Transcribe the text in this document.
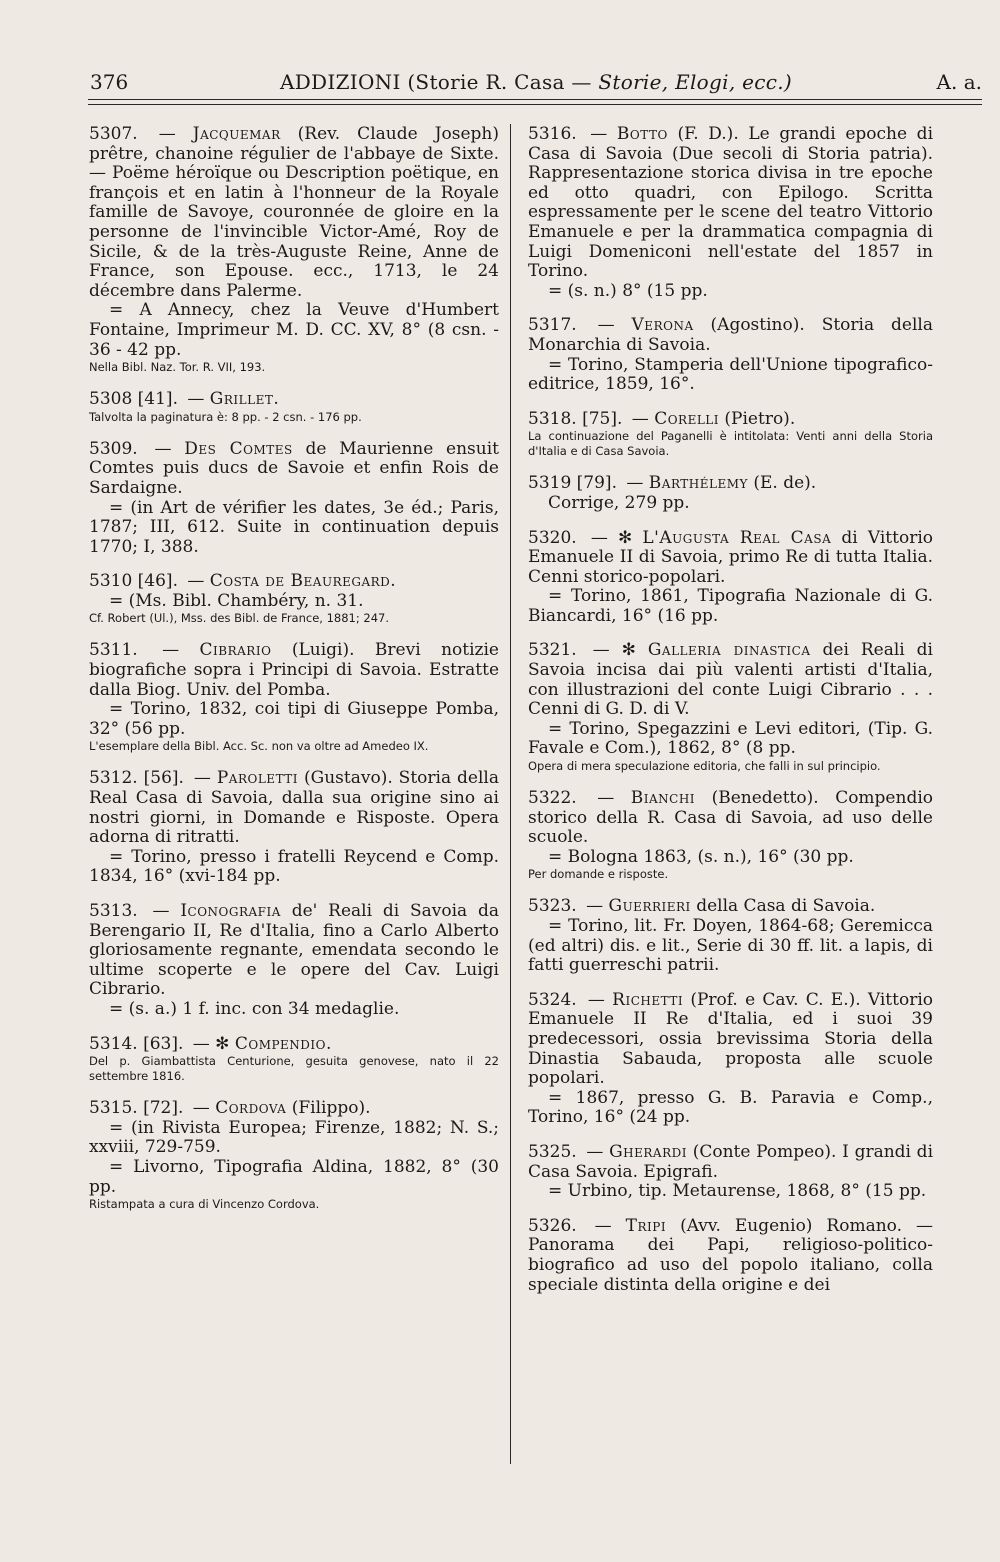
376	ADDIZIONI (Storie R. Casa — Storie, Elogi, ecc.)	A. a.

5307. — Jacquemar (Rev. Claude Joseph) prêtre, chanoine régulier de l'abbaye de Sixte. — Poëme héroïque ou Description poëtique, en françois et en latin à l'honneur de la Royale famille de Savoye, couronnée de gloire en la personne de l'invincible Victor-Amé, Roy de Sicile, & de la très-Auguste Reine, Anne de France, son Epouse. ecc., 1713, le 24 décembre dans Palerme.

= A Annecy, chez la Veuve d'Humbert Fontaine, Imprimeur M. D. CC. XV, 8° (8 csn. - 36 - 42 pp.

Nella Bibl. Naz. Tor. R. VII, 193.

5308 [41]. — Grillet.

Talvolta la paginatura è: 8 pp. - 2 csn. - 176 pp.

5309. — Des Comtes de Maurienne ensuit Comtes puis ducs de Savoie et enfin Rois de Sardaigne.

= (in Art de vérifier les dates, 3e éd.; Paris, 1787; III, 612. Suite in continuation depuis 1770; I, 388.

5310 [46]. — Costa de Beauregard.

= (Ms. Bibl. Chambéry, n. 31.

Cf. Robert (Ul.), Mss. des Bibl. de France, 1881; 247.

5311. — Cibrario (Luigi). Brevi notizie biografiche sopra i Principi di Savoia. Estratte dalla Biog. Univ. del Pomba.

= Torino, 1832, coi tipi di Giuseppe Pomba, 32° (56 pp.

L'esemplare della Bibl. Acc. Sc. non va oltre ad Amedeo IX.

5312. [56]. — Paroletti (Gustavo). Storia della Real Casa di Savoia, dalla sua origine sino ai nostri giorni, in Domande e Risposte. Opera adorna di ritratti.

= Torino, presso i fratelli Reycend e Comp. 1834, 16° (xvi-184 pp.

5313. — Iconografia de' Reali di Savoia da Berengario II, Re d'Italia, fino a Carlo Alberto gloriosamente regnante, emendata secondo le ultime scoperte e le opere del Cav. Luigi Cibrario.

= (s. a.) 1 f. inc. con 34 medaglie.

5314. [63]. — ✻ Compendio.

Del p. Giambattista Centurione, gesuita genovese, nato il 22 settembre 1816.

5315. [72]. — Cordova (Filippo).

= (in Rivista Europea; Firenze, 1882; N. S.; xxviii, 729-759.

= Livorno, Tipografia Aldina, 1882, 8° (30 pp.

Ristampata a cura di Vincenzo Cordova.

5316. — Botto (F. D.). Le grandi epoche di Casa di Savoia (Due secoli di Storia patria). Rappresentazione storica divisa in tre epoche ed otto quadri, con Epilogo. Scritta espressamente per le scene del teatro Vittorio Emanuele e per la drammatica compagnia di Luigi Domeniconi nell'estate del 1857 in Torino.

= (s. n.) 8° (15 pp.

5317. — Verona (Agostino). Storia della Monarchia di Savoia.

= Torino, Stamperia dell'Unione tipografico-editrice, 1859, 16°.

5318. [75]. — Corelli (Pietro).

La continuazione del Paganelli è intitolata: Venti anni della Storia d'Italia e di Casa Savoia.

5319 [79]. — Barthélemy (E. de).

Corrige, 279 pp.

5320. — ✻ L'Augusta Real Casa di Vittorio Emanuele II di Savoia, primo Re di tutta Italia. Cenni storico-popolari.

= Torino, 1861, Tipografia Nazionale di G. Biancardi, 16° (16 pp.

5321. — ✻ Galleria dinastica dei Reali di Savoia incisa dai più valenti artisti d'Italia, con illustrazioni del conte Luigi Cibrario . . . Cenni di G. D. di V.

= Torino, Spegazzini e Levi editori, (Tip. G. Favale e Com.), 1862, 8° (8 pp.

Opera di mera speculazione editoria, che falli in sul principio.

5322. — Bianchi (Benedetto). Compendio storico della R. Casa di Savoia, ad uso delle scuole.

= Bologna 1863, (s. n.), 16° (30 pp.

Per domande e risposte.

5323. — Guerrieri della Casa di Savoia.

= Torino, lit. Fr. Doyen, 1864-68; Geremicca (ed altri) dis. e lit., Serie di 30 ff. lit. a lapis, di fatti guerreschi patrii.

5324. — Richetti (Prof. e Cav. C. E.). Vittorio Emanuele II Re d'Italia, ed i suoi 39 predecessori, ossia brevissima Storia della Dinastia Sabauda, proposta alle scuole popolari.

= 1867, presso G. B. Paravia e Comp., Torino, 16° (24 pp.

5325. — Gherardi (Conte Pompeo). I grandi di Casa Savoia. Epigrafi.

= Urbino, tip. Metaurense, 1868, 8° (15 pp.

5326. — Tripi (Avv. Eugenio) Romano. — Panorama dei Papi, religioso-politico-biografico ad uso del popolo italiano, colla speciale distinta della origine e dei
